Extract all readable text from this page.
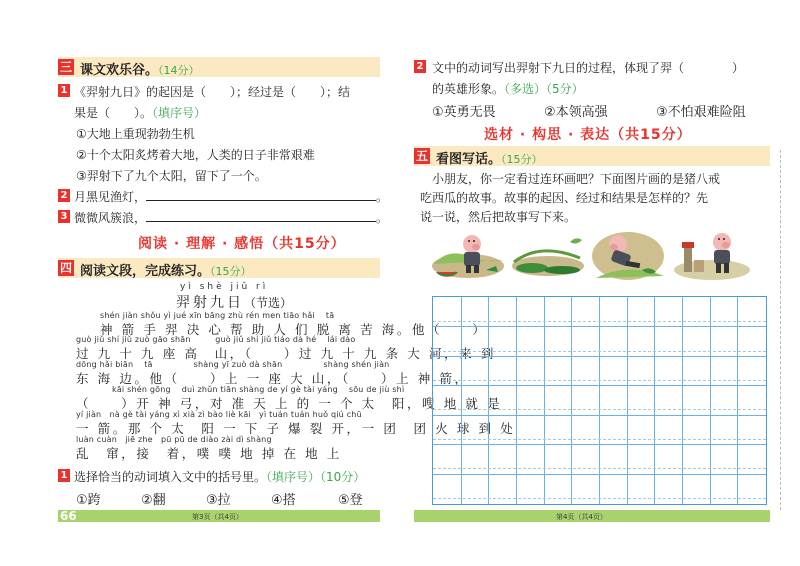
三 课文欢乐谷。（14分）
1 《羿射九日》的起因是（　　）；经过是（　　）；结
果是（　　）。（填序号）
①大地上重现勃勃生机
②十个太阳炙烤着大地，人类的日子非常艰难
③羿射下了九个太阳，留下了一个。
2 月黑见渔灯，	。
3 微微风簇浪，	。
阅读 · 理解 · 感悟（共15分）
四 阅读文段，完成练习。（15分）
yì shè jiǔ rì
羿射九日（节选）
shén jiàn shǒu yì jué xīn bāng zhù rén men tiāo hǎi　 tā
神 箭 手 羿 决 心 帮 助 人 们 脱 离 苦 海。他（　　）
guò jiǔ shí jiǔ zuò gāo shān　　　guò jiǔ shí jiǔ tiáo dà hé　 lái dào
过 九 十 九 座 高　山，（　　）过 九 十 九 条 大 河，来 到
dōng hǎi biān　 tā　　　　　shàng yī zuò dà shān　　　　　shàng shén jiàn
东 海 边。他（　　）上 一 座 大 山，（　　）上 神 箭，
kāi shén gōng　 duì zhǔn tiān shàng de yí gè tài yáng　 sōu de jiù shì
（　　）开 神 弓，对 准 天 上 的 一 个 太　阳，嗖 地 就 是
yí jiàn　nà gè tài yáng xì xià zì bào liè kāi　yì tuán tuán huǒ qiú chū
一 箭。那 个 太　阳 一 下 子 爆 裂 开，一 团　团 火 球 到 处
luàn cuàn　jiē zhe　pū pū de diào zài dì shàng
乱　窜，接　着，噗 噗 地 掉 在 地 上
1 选择恰当的动词填入文中的括号里。（填序号）（10分）
①跨	②翻	③拉	④搭	⑤登
66	第3页（共4页）
2 文中的动词写出羿射下九日的过程，体现了羿（　　　　）
的英雄形象。（多选）（5分）
①英勇无畏	②本领高强	③不怕艰难险阻
选材 · 构思 · 表达（共15分）
五 看图写话。（15分）
小朋友，你一定看过连环画吧？下面图片画的是猪八戒
吃西瓜的故事。故事的起因、经过和结果是怎样的？先
说一说，然后把故事写下来。
第4页（共4页）
